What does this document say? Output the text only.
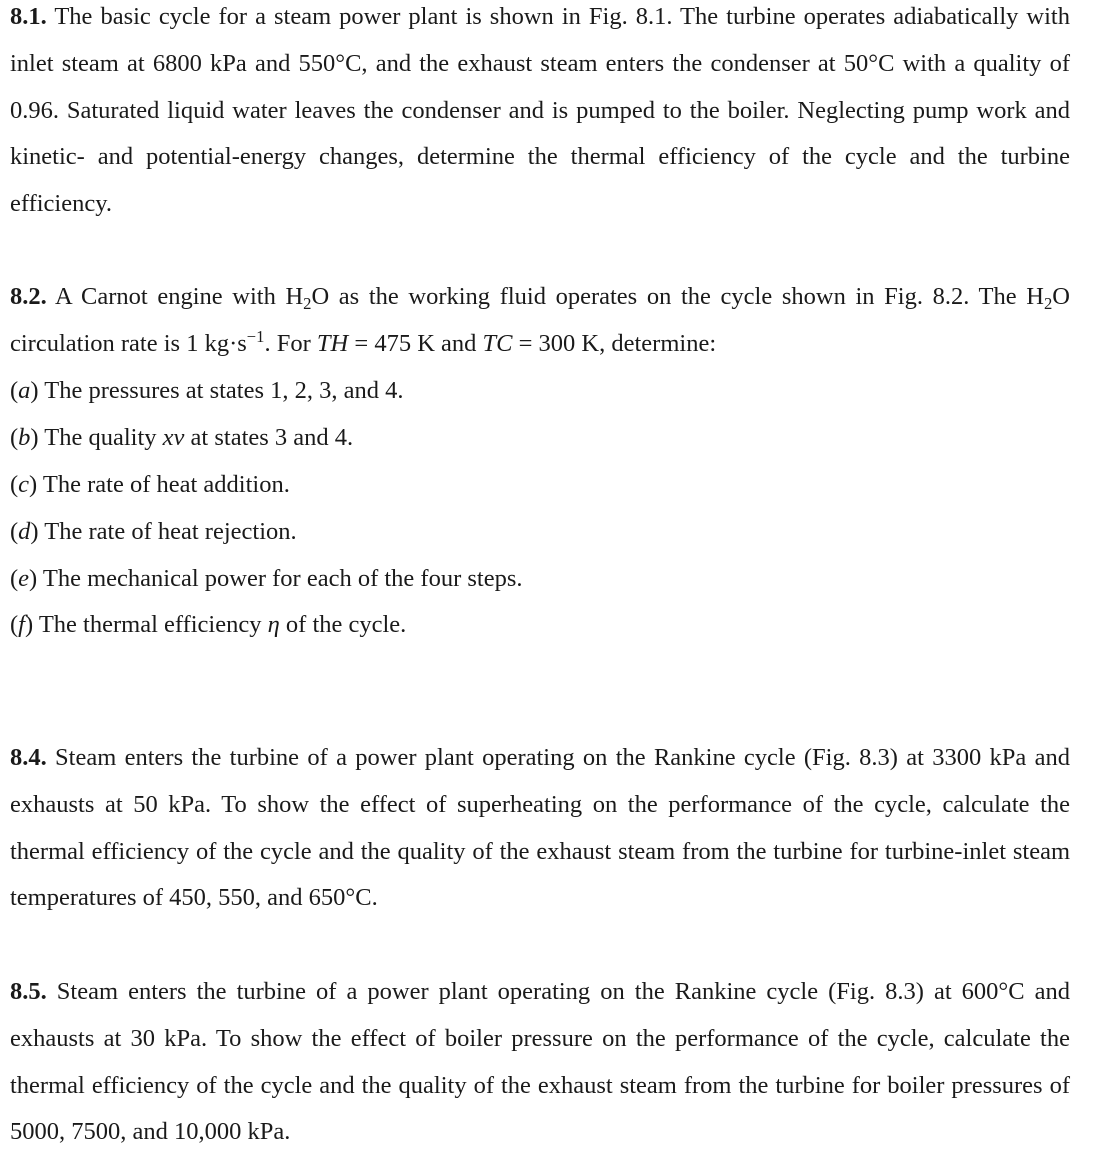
8.1. The basic cycle for a steam power plant is shown in Fig. 8.1. The turbine operates adiabatically with inlet steam at 6800 kPa and 550°C, and the exhaust steam enters the condenser at 50°C with a quality of 0.96. Saturated liquid water leaves the condenser and is pumped to the boiler. Neglecting pump work and kinetic- and potential-energy changes, determine the thermal efficiency of the cycle and the turbine efficiency.

8.2. A Carnot engine with $H_2O$ as the working fluid operates on the cycle shown in Fig. 8.2. The $H_2O$ circulation rate is 1 $kg\cdot s^{-1}$. For TH = 475 K and TC = 300 K, determine:

(a) The pressures at states 1, 2, 3, and 4.

(b) The quality xv at states 3 and 4.

(c) The rate of heat addition.

(d) The rate of heat rejection.

(e) The mechanical power for each of the four steps.

(f) The thermal efficiency η of the cycle.

8.4. Steam enters the turbine of a power plant operating on the Rankine cycle (Fig. 8.3) at 3300 kPa and exhausts at 50 kPa. To show the effect of superheating on the performance of the cycle, calculate the thermal efficiency of the cycle and the quality of the exhaust steam from the turbine for turbine-inlet steam temperatures of 450, 550, and 650°C.

8.5. Steam enters the turbine of a power plant operating on the Rankine cycle (Fig. 8.3) at 600°C and exhausts at 30 kPa. To show the effect of boiler pressure on the performance of the cycle, calculate the thermal efficiency of the cycle and the quality of the exhaust steam from the turbine for boiler pressures of 5000, 7500, and 10,000 kPa.
